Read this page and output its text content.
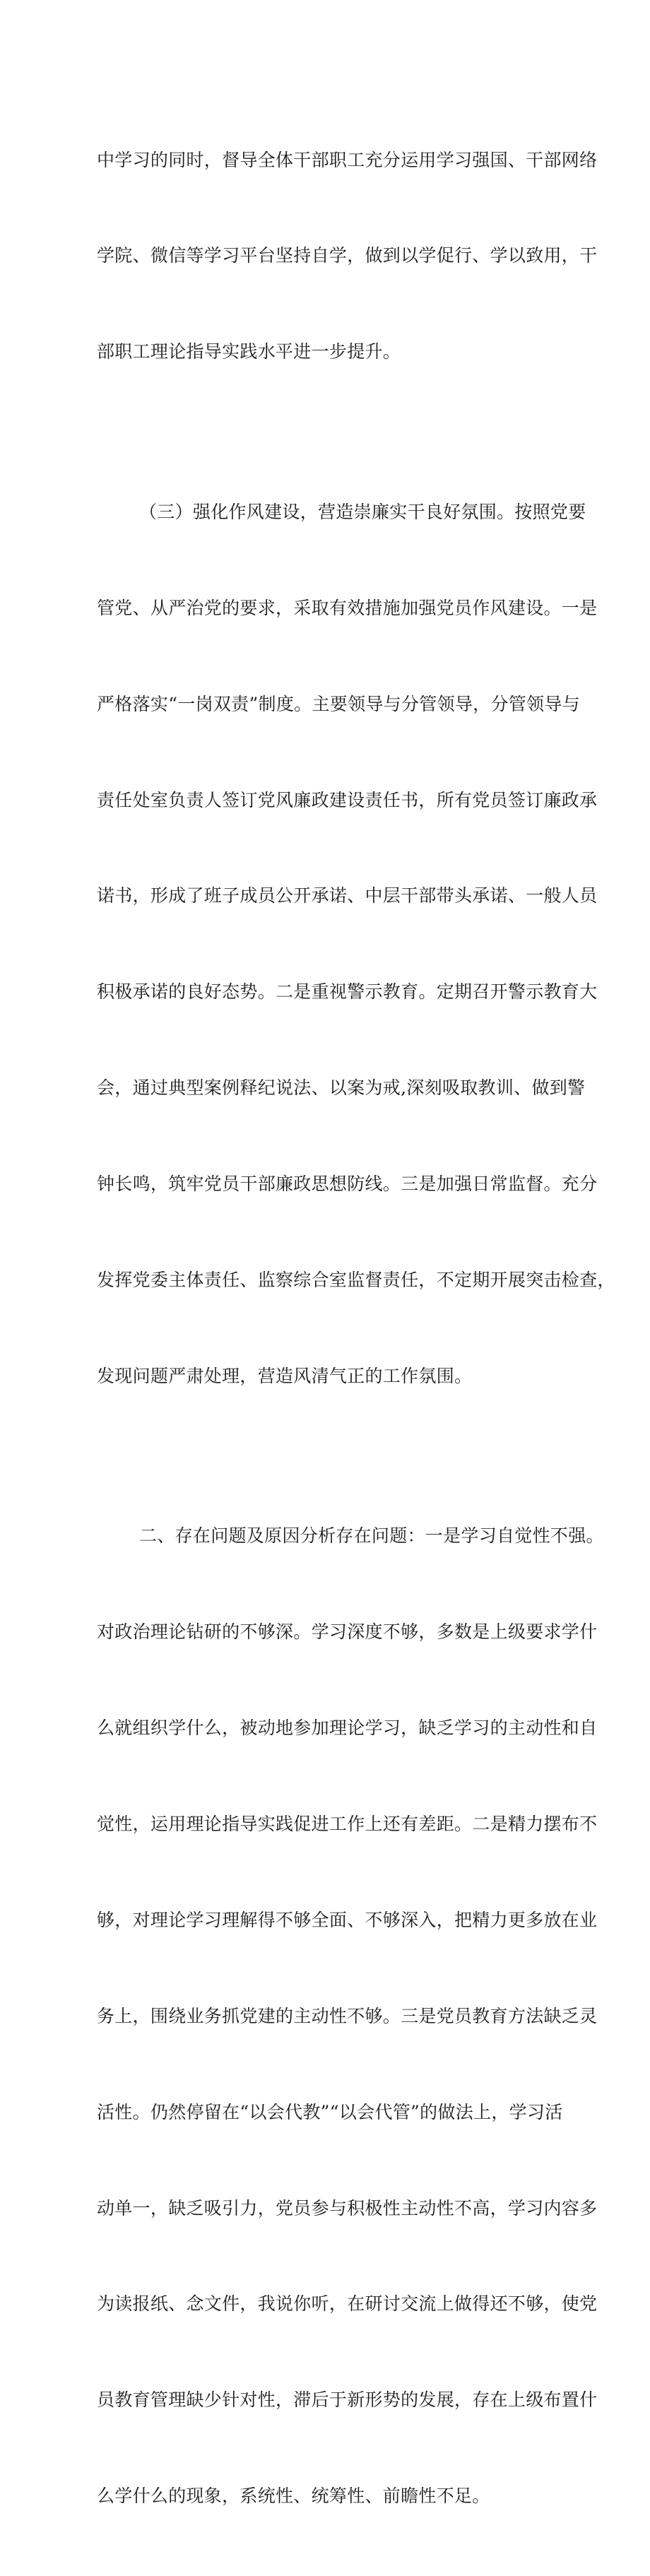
中学习的同时，督导全体干部职工充分运用学习强国、干部网络

学院、微信等学习平台坚持自学，做到以学促行、学以致用，干

部职工理论指导实践水平进一步提升。

（三）强化作风建设，营造崇廉实干良好氛围。按照党要

管党、从严治党的要求，采取有效措施加强党员作风建设。一是

严格落实“一岗双责”制度。主要领导与分管领导，分管领导与

责任处室负责人签订党风廉政建设责任书，所有党员签订廉政承

诺书，形成了班子成员公开承诺、中层干部带头承诺、一般人员

积极承诺的良好态势。二是重视警示教育。定期召开警示教育大

会，通过典型案例释纪说法、以案为戒,深刻吸取教训、做到警

钟长鸣，筑牢党员干部廉政思想防线。三是加强日常监督。充分

发挥党委主体责任、监察综合室监督责任，不定期开展突击检查，

发现问题严肃处理，营造风清气正的工作氛围。

二、存在问题及原因分析存在问题：一是学习自觉性不强。

对政治理论钻研的不够深。学习深度不够，多数是上级要求学什

么就组织学什么，被动地参加理论学习，缺乏学习的主动性和自

觉性，运用理论指导实践促进工作上还有差距。二是精力摆布不

够，对理论学习理解得不够全面、不够深入，把精力更多放在业

务上，围绕业务抓党建的主动性不够。三是党员教育方法缺乏灵

活性。仍然停留在“以会代教”“以会代管”的做法上，学习活

动单一，缺乏吸引力，党员参与积极性主动性不高，学习内容多

为读报纸、念文件，我说你听，在研讨交流上做得还不够，使党

员教育管理缺少针对性，滞后于新形势的发展，存在上级布置什

么学什么的现象，系统性、统筹性、前瞻性不足。
